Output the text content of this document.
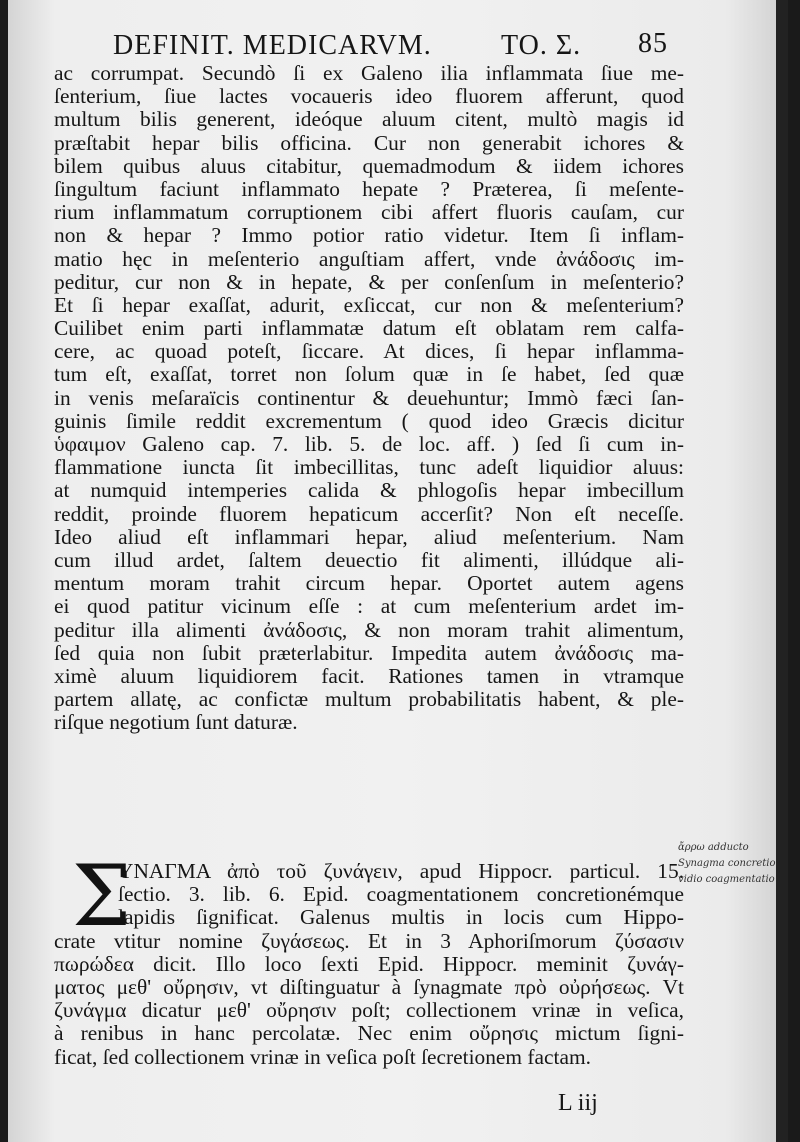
DEFINIT. MEDICARVM. TO. Σ. 85
ac corrumpat. Secundò ſi ex Galeno ilia inflammata ſiue me-
ſenterium, ſiue lactes vocaueris ideo fluorem afferunt, quod
multum bilis generent, ideóque aluum citent, multò magis id
præſtabit hepar bilis officina. Cur non generabit ichores &
bilem quibus aluus citabitur, quemadmodum & iidem ichores
ſingultum faciunt inflammato hepate ? Præterea, ſi meſente-
rium inflammatum corruptionem cibi affert fluoris cauſam, cur
non & hepar ? Immo potior ratio videtur. Item ſi inflam-
matio hęc in meſenterio anguſtiam affert, vnde ἀνάδοσις im-
peditur, cur non & in hepate, & per conſenſum in meſenterio?
Et ſi hepar exaſſat, adurit, exſiccat, cur non & meſenterium?
Cuilibet enim parti inflammatæ datum eſt oblatam rem calfa-
cere, ac quoad poteſt, ſiccare. At dices, ſi hepar inflamma-
tum eſt, exaſſat, torret non ſolum quæ in ſe habet, ſed quæ
in venis meſaraïcis continentur & deuehuntur; Immò fæci ſan-
guinis ſimile reddit excrementum ( quod ideo Græcis dicitur
ὑφαιμον Galeno cap. 7. lib. 5. de loc. aff. ) ſed ſi cum in-
flammatione iuncta ſit imbecillitas, tunc adeſt liquidior aluus:
at numquid intemperies calida & phlogoſis hepar imbecillum
reddit, proinde fluorem hepaticum accerſit? Non eſt neceſſe.
Ideo aliud eſt inflammari hepar, aliud meſenterium. Nam
cum illud ardet, ſaltem deuectio fit alimenti, illúdque ali-
mentum moram trahit circum hepar. Oportet autem agens
ei quod patitur vicinum eſſe : at cum meſenterium ardet im-
peditur illa alimenti ἀνάδοσις, & non moram trahit alimentum,
ſed quia non ſubit præterlabitur. Impedita autem ἀνάδοσις ma-
ximè aluum liquidiorem facit. Rationes tamen in vtramque
partem allatę, ac confictæ multum probabilitatis habent, & ple-
riſque negotium ſunt daturæ.
Σ
ΥΝΑΓΜΑ ἀπὸ τοῦ ζυνάγειν, apud Hippocr. particul. 15.
ſectio. 3. lib. 6. Epid. coagmentationem concretionémque
lapidis ſignificat. Galenus multis in locis cum Hippo-
crate vtitur nomine ζυγάσεως. Et in 3 Aphoriſmorum ζύσασιν
πωρώδεα dicit. Illo loco ſexti Epid. Hippocr. meminit ζυνάγ-
ματος μεθ' οὔρησιν, vt diſtinguatur à ſynagmate πρὸ οὐρήσεως. Vt
ζυνάγμα dicatur μεθ' οὔρησιν poſt; collectionem vrinæ in veſica,
à renibus in hanc percolatæ. Nec enim οὔρησις mictum ſigni-
ficat, ſed collectionem vrinæ in veſica poſt ſecretionem factam.
ἄρρω adducto
Synagma concretio
vidio coagmentatio
L iij
